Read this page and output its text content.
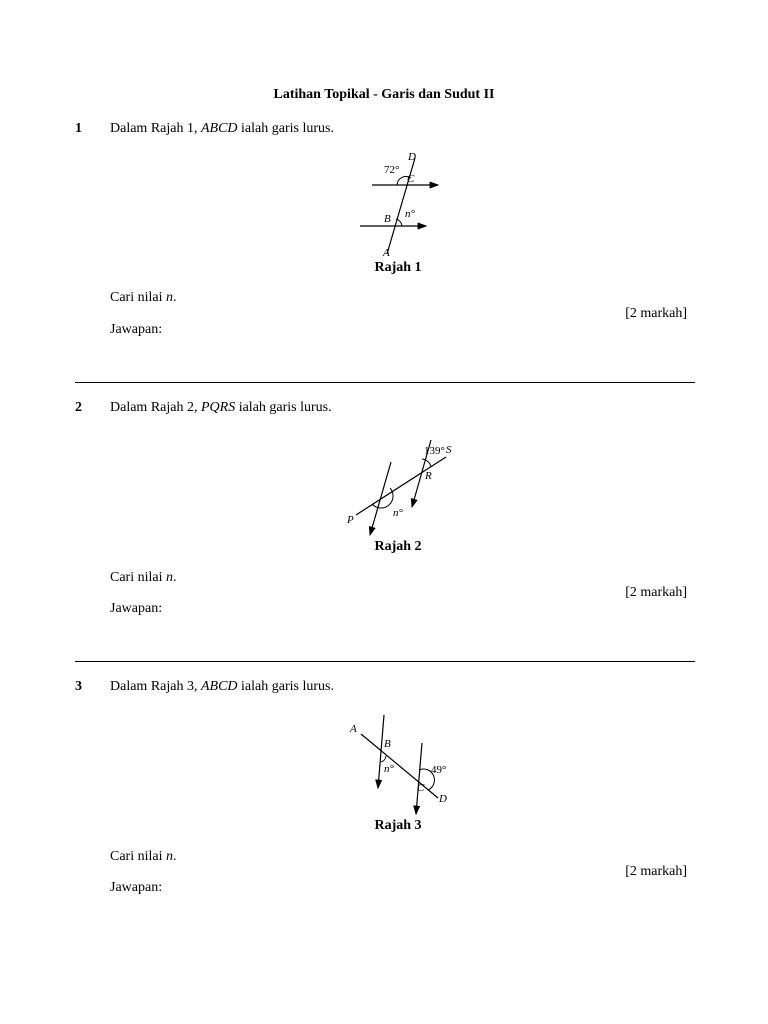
Latihan Topikal - Garis dan Sudut II
1 Dalam Rajah 1, ABCD ialah garis lurus.
D
72°
C
n°
B
A
Rajah 1
Cari nilai n.
[2 markah]
Jawapan:
2 Dalam Rajah 2, PQRS ialah garis lurus.
139° S
R
n°
P
Rajah 2
Cari nilai n.
[2 markah]
Jawapan:
3 Dalam Rajah 3, ABCD ialah garis lurus.
A
B
n°	49°
C
D
Rajah 3
Cari nilai n.
[2 markah]
Jawapan:
